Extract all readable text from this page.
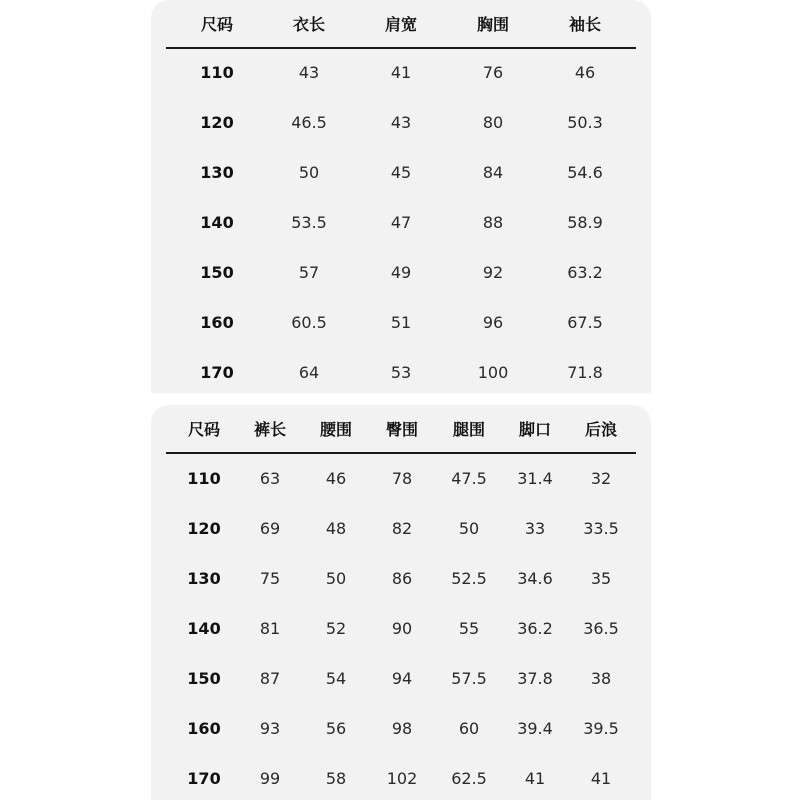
尺码	衣长	肩宽	胸围	袖长
110	43	41	76	46
120	46.5	43	80	50.3
130	50	45	84	54.6
140	53.5	47	88	58.9
150	57	49	92	63.2
160	60.5	51	96	67.5
170	64	53	100	71.8
尺码	裤长	腰围	臀围	腿围	脚口	后浪
110	63	46	78	47.5	31.4	32
120	69	48	82	50	33	33.5
130	75	50	86	52.5	34.6	35
140	81	52	90	55	36.2	36.5
150	87	54	94	57.5	37.8	38
160	93	56	98	60	39.4	39.5
170	99	58	102	62.5	41	41
